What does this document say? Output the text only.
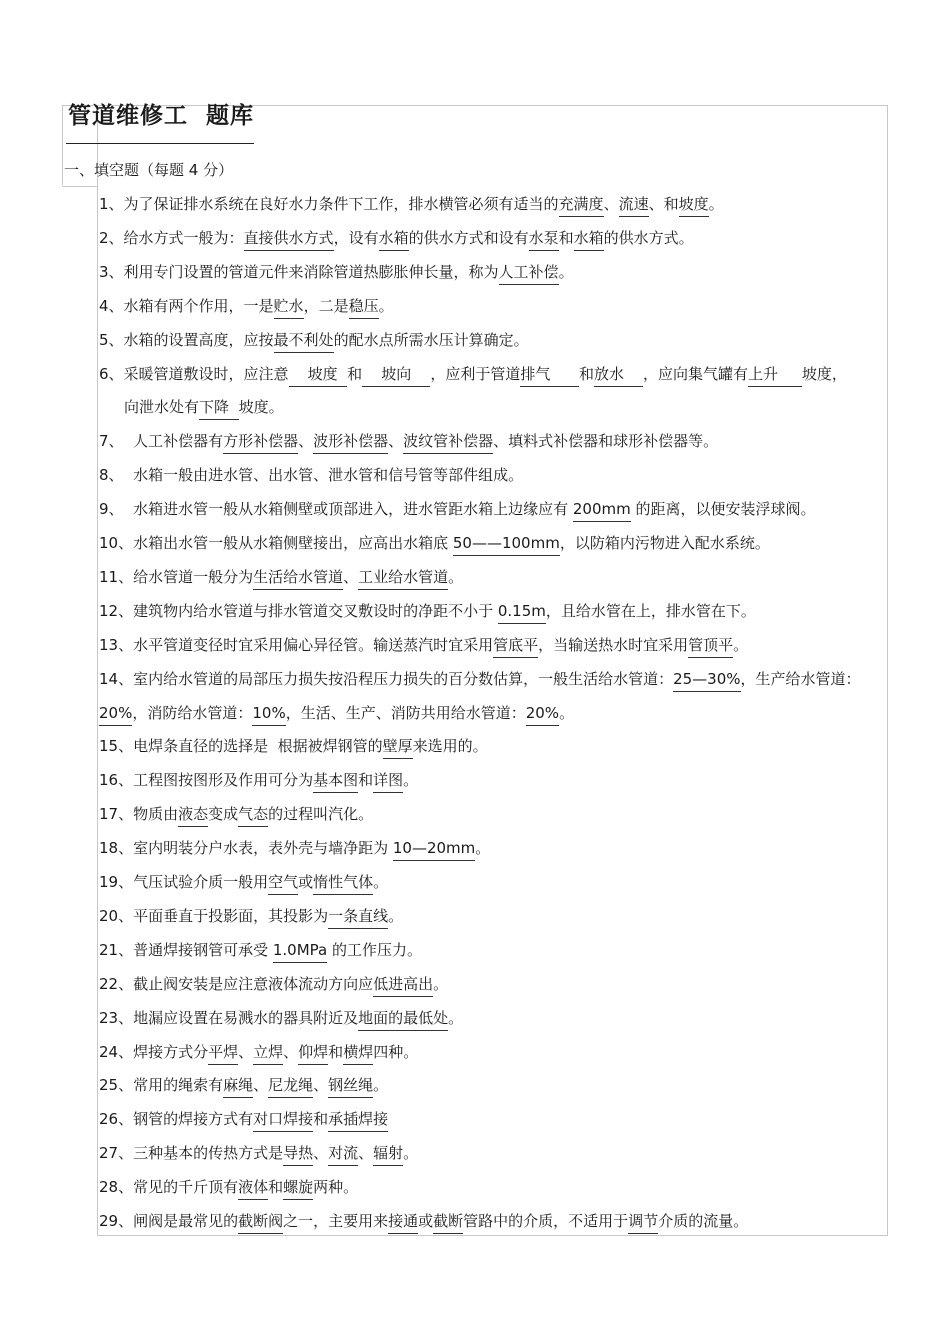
管道维修工  题库
一、填空题（每题 4 分）
1、为了保证排水系统在良好水力条件下工作，排水横管必须有适当的充满度、流速、和坡度。
2、给水方式一般为：直接供水方式，设有水箱的供水方式和设有水泵和水箱的供水方式。
3、利用专门设置的管道元件来消除管道热膨胀伸长量，称为人工补偿。
4、水箱有两个作用，一是贮水，二是稳压。
5、水箱的设置高度，应按最不利处的配水点所需水压计算确定。
6、采暖管道敷设时，应注意    坡度  和    坡向    ，应利于管道排气      和放水    ，应向集气罐有上升     坡度，
向泄水处有下降  坡度。
7、  人工补偿器有方形补偿器、波形补偿器、波纹管补偿器、填料式补偿器和球形补偿器等。
8、  水箱一般由进水管、出水管、泄水管和信号管等部件组成。
9、  水箱进水管一般从水箱侧壁或顶部进入，进水管距水箱上边缘应有 200mm 的距离，以便安装浮球阀。
10、水箱出水管一般从水箱侧壁接出，应高出水箱底 50——100mm，以防箱内污物进入配水系统。
11、给水管道一般分为生活给水管道、工业给水管道。
12、建筑物内给水管道与排水管道交叉敷设时的净距不小于 0.15m，且给水管在上，排水管在下。
13、水平管道变径时宜采用偏心异径管。输送蒸汽时宜采用管底平，当输送热水时宜采用管顶平。
14、室内给水管道的局部压力损失按沿程压力损失的百分数估算，一般生活给水管道：25—30%，生产给水管道：
20%，消防给水管道：10%，生活、生产、消防共用给水管道：20%。
15、电焊条直径的选择是  根据被焊钢管的壁厚来选用的。
16、工程图按图形及作用可分为基本图和详图。
17、物质由液态变成气态的过程叫汽化。
18、室内明装分户水表，表外壳与墙净距为 10—20mm。
19、气压试验介质一般用空气或惰性气体。
20、平面垂直于投影面，其投影为一条直线。
21、普通焊接钢管可承受 1.0MPa 的工作压力。
22、截止阀安装是应注意液体流动方向应低进高出。
23、地漏应设置在易溅水的器具附近及地面的最低处。
24、焊接方式分平焊、立焊、仰焊和横焊四种。
25、常用的绳索有麻绳、尼龙绳、钢丝绳。
26、钢管的焊接方式有对口焊接和承插焊接
27、三种基本的传热方式是导热、对流、辐射。
28、常见的千斤顶有液体和螺旋两种。
29、闸阀是最常见的截断阀之一，主要用来接通或截断管路中的介质，不适用于调节介质的流量。
